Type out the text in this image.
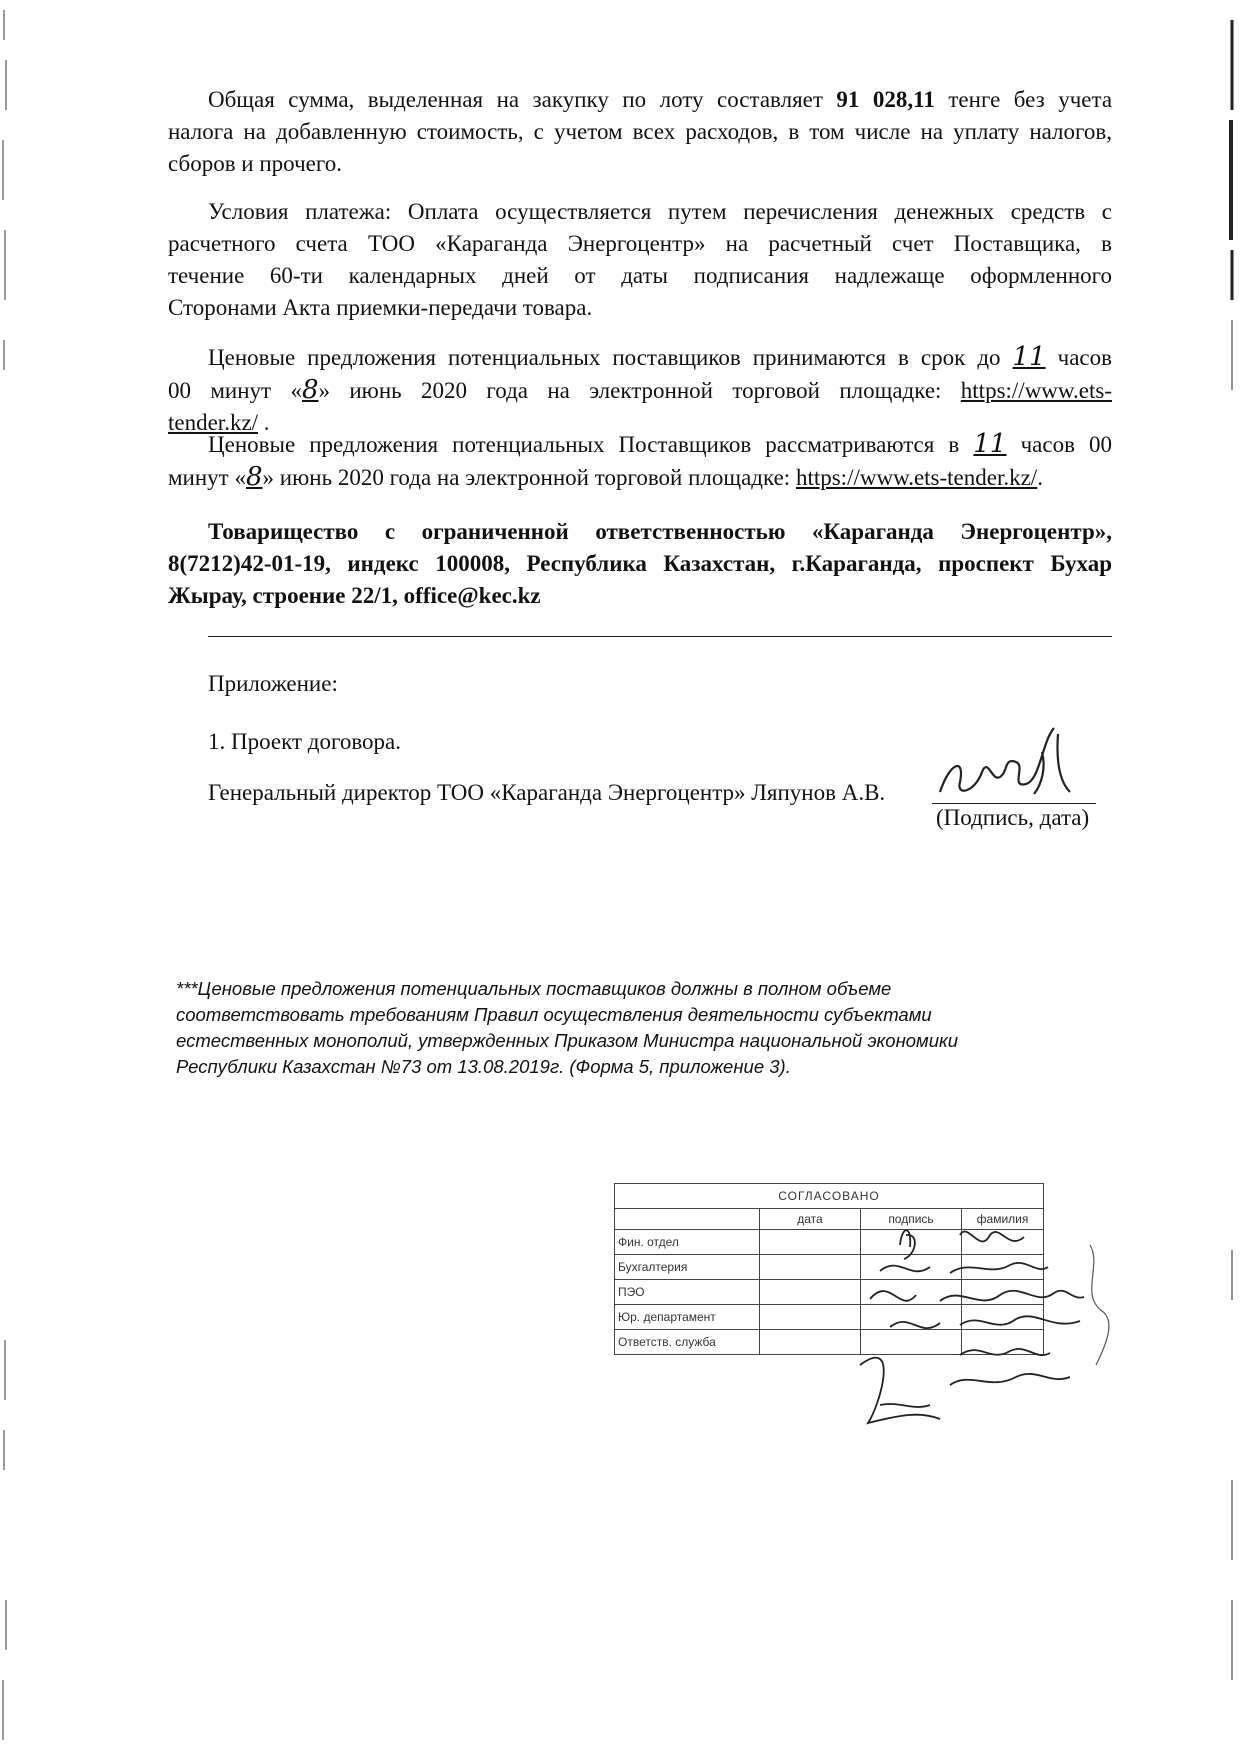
Общая сумма, выделенная на закупку по лоту составляет 91 028,11 тенге без учета
налога на добавленную стоимость, с учетом всех расходов, в том числе на уплату налогов,
сборов и прочего.
Условия платежа: Оплата осуществляется путем перечисления денежных средств с
расчетного счета ТОО «Караганда Энергоцентр» на расчетный счет Поставщика, в
течение 60-ти календарных дней от даты подписания надлежаще оформленного
Сторонами Акта приемки-передачи товара.
Ценовые предложения потенциальных поставщиков принимаются в срок до 11 часов
00 минут «8» июнь 2020 года на электронной торговой площадке: https://www.ets-
tender.kz/ .
Ценовые предложения потенциальных Поставщиков рассматриваются в 11 часов 00
минут «8» июнь 2020 года на электронной торговой площадке: https://www.ets-tender.kz/.
Товарищество с ограниченной ответственностью «Караганда Энергоцентр»,
8(7212)42-01-19, индекс 100008, Республика Казахстан, г.Караганда, проспект Бухар
Жырау, строение 22/1, office@kec.kz
Приложение:
1. Проект договора.
Генеральный директор ТОО «Караганда Энергоцентр» Ляпунов А.В.
(Подпись, дата)
***Ценовые предложения потенциальных поставщиков должны в полном объеме
соответствовать требованиям Правил осуществления деятельности субъектами
естественных монополий, утвержденных Приказом Министра национальной экономики
Республики Казахстан №73 от 13.08.2019г. (Форма 5, приложение 3).
СОГЛАСОВАНО			
	дата	подпись	фамилия
Фин. отдел			
Бухгалтерия			
ПЭО			
Юр. департамент			
Ответств. служба			
